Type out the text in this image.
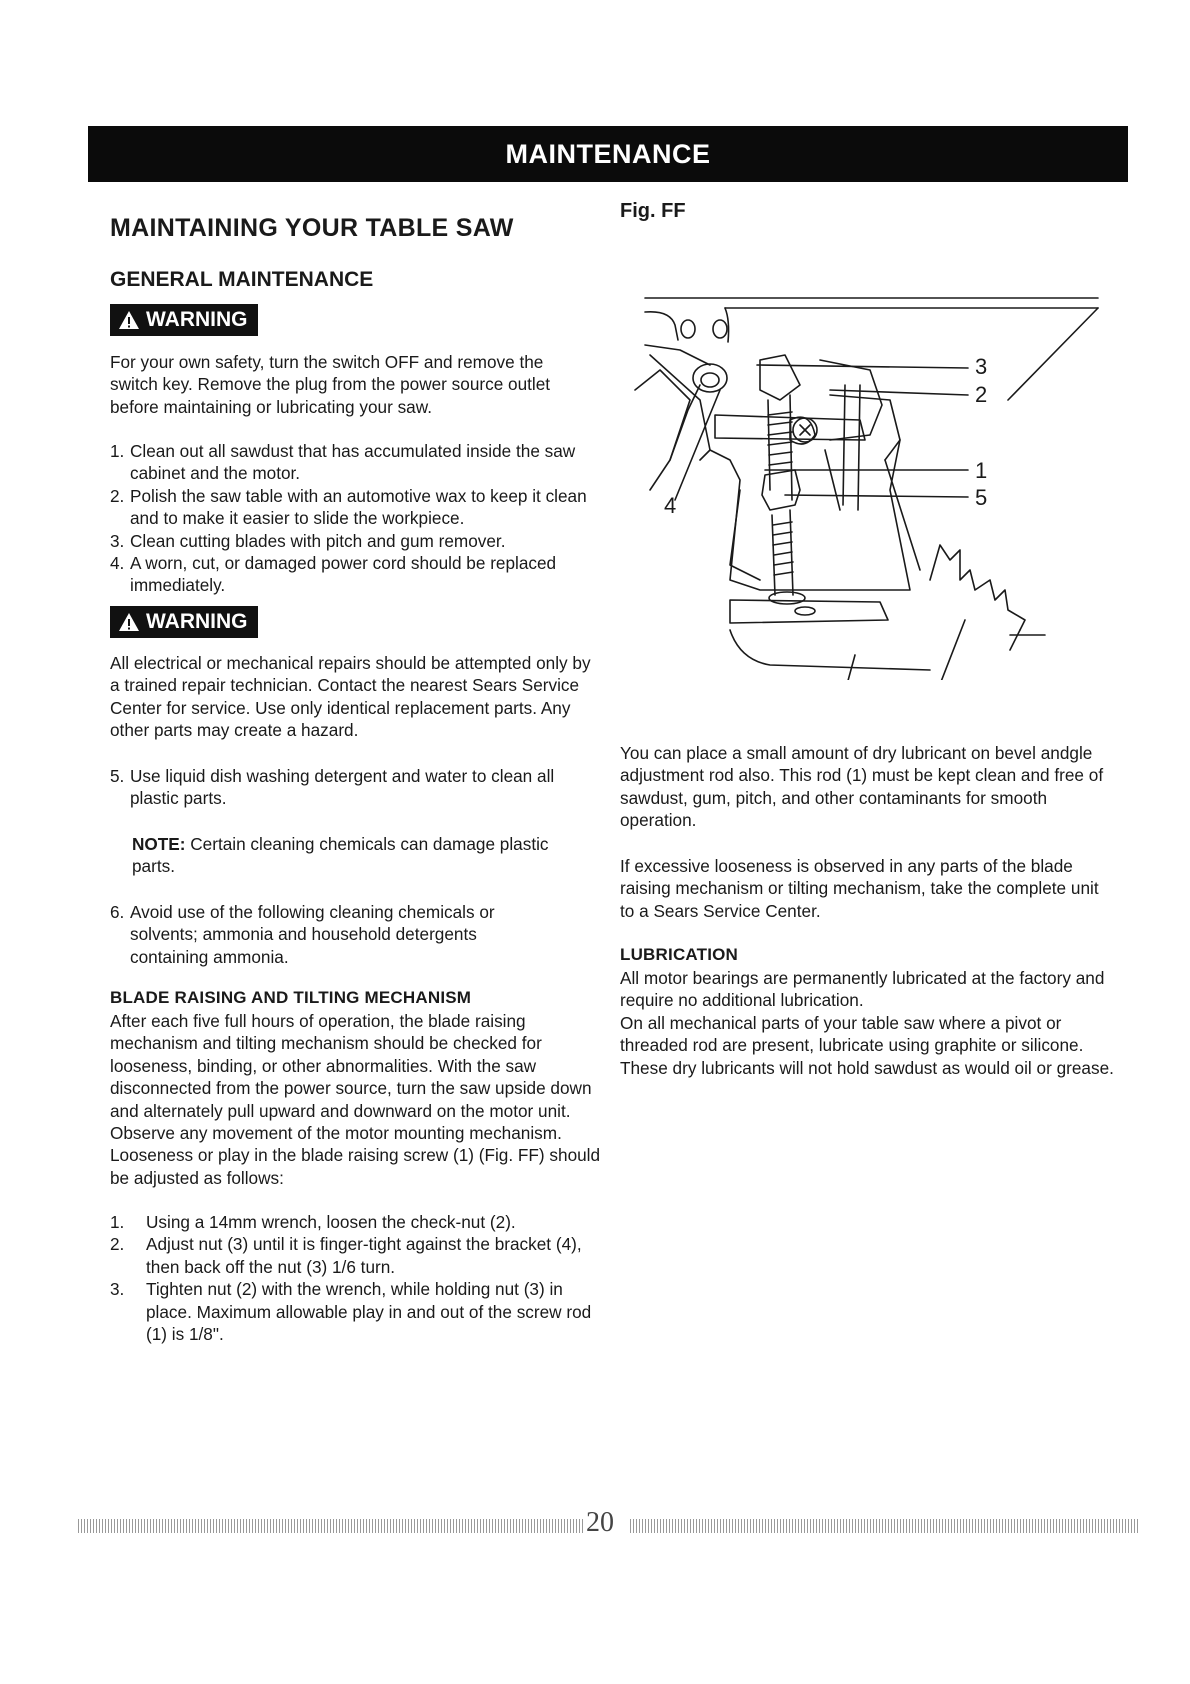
MAINTENANCE
MAINTAINING YOUR TABLE SAW
GENERAL MAINTENANCE
WARNING

For your own safety, turn the switch OFF and remove the switch key. Remove the plug from the power source outlet before maintaining or lubricating your saw.

1. Clean out all sawdust that has accumulated inside the saw cabinet and the motor.
2. Polish the saw table with an automotive wax to keep it clean and to make it easier to slide the workpiece.
3. Clean cutting blades with pitch and gum remover.
4. A worn, cut, or damaged power cord should be replaced immediately.
WARNING

All electrical or mechanical repairs should be attempted only by a trained repair technician. Contact the nearest Sears Service Center for service. Use only identical replacement parts. Any other parts may create a hazard.

5. Use liquid dish washing detergent and water to clean all plastic parts.

NOTE: Certain cleaning chemicals can damage plastic parts.

6. Avoid use of the following cleaning chemicals or solvents; ammonia and household detergents containing ammonia.
BLADE RAISING AND TILTING MECHANISM

After each five full hours of operation, the blade raising mechanism and tilting mechanism should be checked for looseness, binding, or other abnormalities. With the saw disconnected from the power source, turn the saw upside down and alternately pull upward and downward on the motor unit. Observe any movement of the motor mounting mechanism. Looseness or play in the blade raising screw (1) (Fig. FF) should be adjusted as follows:

1. Using a 14mm wrench, loosen the check-nut (2).
2. Adjust nut (3) until it is finger-tight against the bracket (4), then back off the nut (3) 1/6 turn.
3. Tighten nut (2) with the wrench, while holding nut (3) in place. Maximum allowable play in and out of the screw rod (1) is 1/8".
Fig. FF
3
2
1
5
4

You can place a small amount of dry lubricant on bevel andgle adjustment rod also. This rod (1) must be kept clean and free of sawdust, gum, pitch, and other contaminants for smooth operation.

If excessive looseness is observed in any parts of the blade raising mechanism or tilting mechanism, take the complete unit to a Sears Service Center.

LUBRICATION

All motor bearings are permanently lubricated at the factory and require no additional lubrication.

On all mechanical parts of your table saw where a pivot or threaded rod are present, lubricate using graphite or silicone. These dry lubricants will not hold sawdust as would oil or grease.

20
